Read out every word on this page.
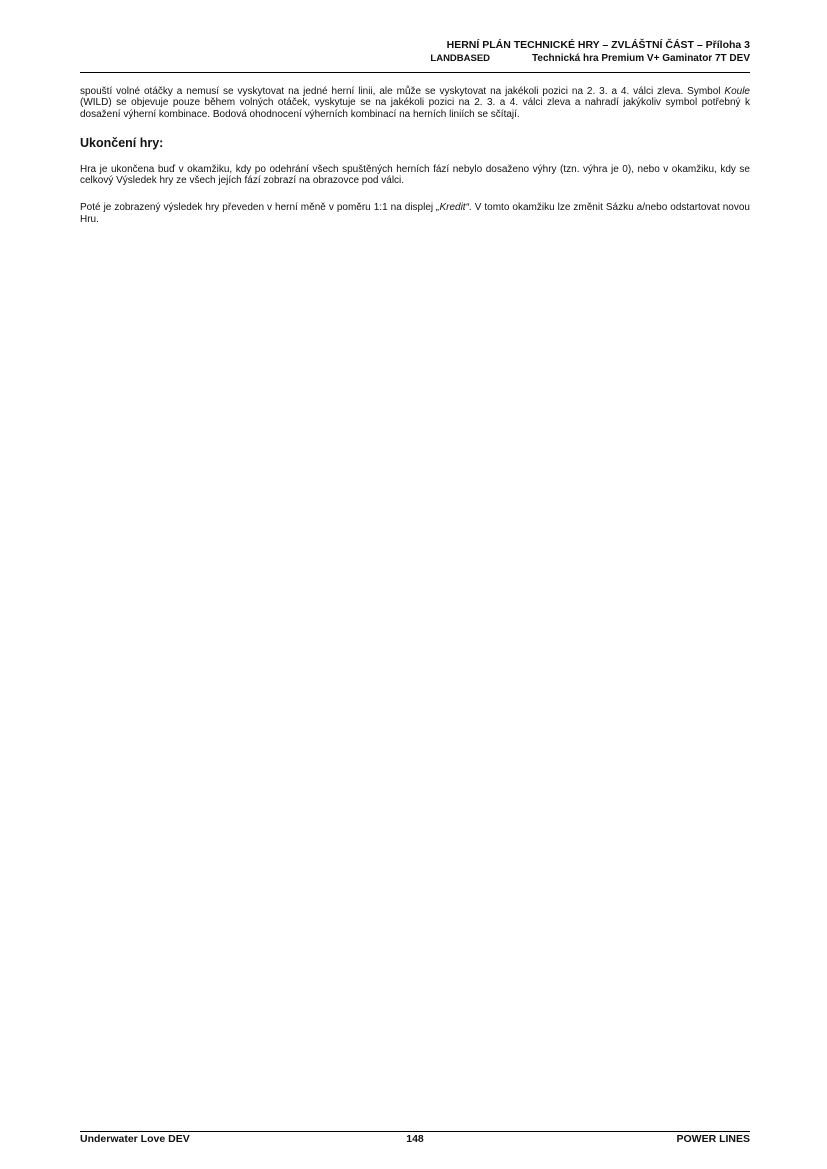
HERNÍ PLÁN TECHNICKÉ HRY – ZVLÁŠTNÍ ČÁST – Příloha 3
LANDBASED	Technická hra Premium V+ Gaminator 7T DEV

spouští volné otáčky a nemusí se vyskytovat na jedné herní linii, ale může se vyskytovat na jakékoli pozici na 2. 3. a 4. válci zleva. Symbol Koule (WILD) se objevuje pouze během volných otáček, vyskytuje se na jakékoli pozici na 2. 3. a 4. válci zleva a nahradí jakýkoliv symbol potřebný k dosažení výherní kombinace. Bodová ohodnocení výherních kombinací na herních liniích se sčítají.

Ukončení hry:

Hra je ukončena buď v okamžiku, kdy po odehrání všech spuštěných herních fází nebylo dosaženo výhry (tzn. výhra je 0), nebo v okamžiku, kdy se celkový Výsledek hry ze všech jejích fází zobrazí na obrazovce pod válci.

Poté je zobrazený výsledek hry převeden v herní měně v poměru 1:1 na displej „Kredit“. V tomto okamžiku lze změnit Sázku a/nebo odstartovat novou Hru.

Underwater Love DEV	148	POWER LINES
